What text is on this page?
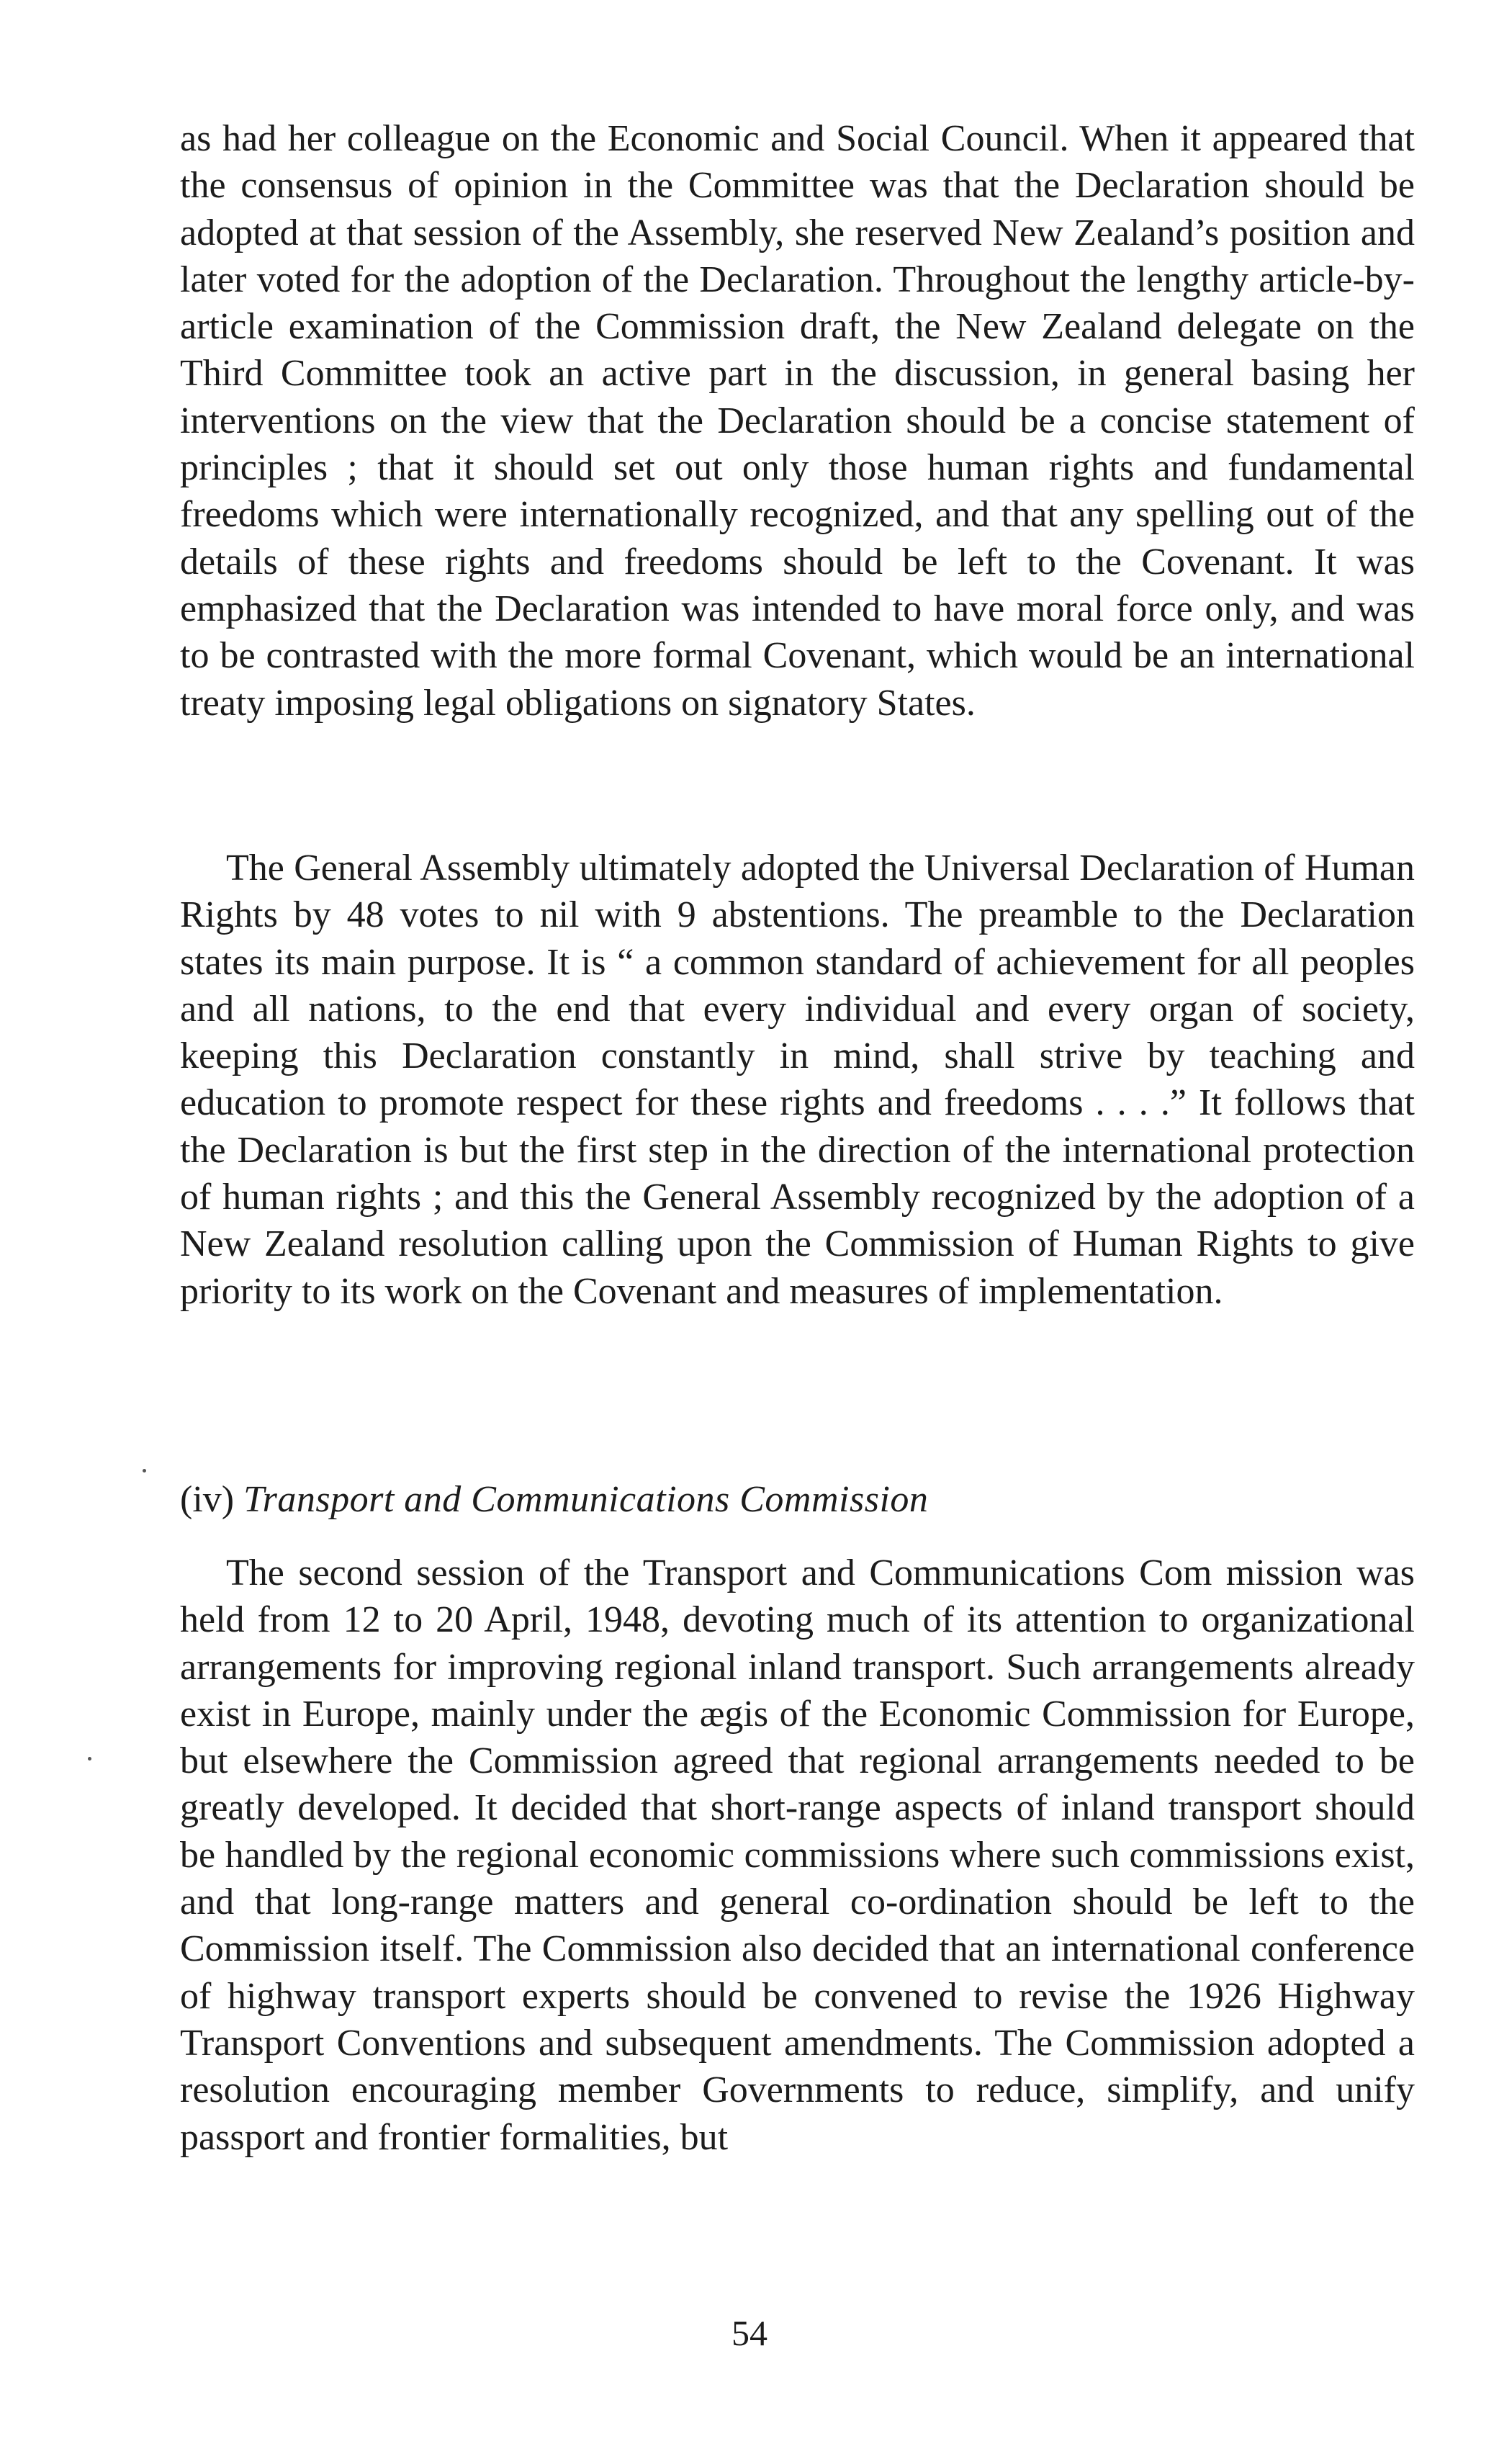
as had her colleague on the Economic and Social Council. When it appeared that the consensus of opinion in the Committee was that the Declaration should be adopted at that session of the Assembly, she reserved New Zealand’s position and later voted for the adoption of the Declaration. Throughout the lengthy article-by-article examination of the Commission draft, the New Zealand delegate on the Third Committee took an active part in the discussion, in general basing her interventions on the view that the Declaration should be a concise statement of principles ; that it should set out only those human rights and fundamental freedoms which were internationally recognized, and that any spelling out of the details of these rights and freedoms should be left to the Covenant. It was emphasized that the Declaration was intended to have moral force only, and was to be contrasted with the more formal Covenant, which would be an international treaty imposing legal obligations on signatory States.

The General Assembly ultimately adopted the Universal Declaration of Human Rights by 48 votes to nil with 9 abstentions. The preamble to the Declaration states its main purpose. It is “ a common standard of achievement for all peoples and all nations, to the end that every individual and every organ of society, keeping this Declaration constantly in mind, shall strive by teaching and education to promote respect for these rights and freedoms . . . .” It follows that the Declaration is but the first step in the direction of the international protection of human rights ; and this the General Assembly recognized by the adoption of a New Zealand resolution calling upon the Commission of Human Rights to give priority to its work on the Covenant and measures of implementation.

(iv) Transport and Communications Commission

The second session of the Transport and Communications Com mission was held from 12 to 20 April, 1948, devoting much of its attention to organizational arrangements for improving regional inland transport. Such arrangements already exist in Europe, mainly under the ægis of the Economic Commission for Europe, but elsewhere the Commission agreed that regional arrangements needed to be greatly developed. It decided that short-range aspects of inland transport should be handled by the regional economic commissions where such commissions exist, and that long-range matters and general co-ordination should be left to the Commission itself. The Commission also decided that an international conference of highway transport experts should be convened to revise the 1926 Highway Transport Conventions and subsequent amendments. The Commission adopted a resolution encouraging member Governments to reduce, simplify, and unify passport and frontier formalities, but

54
